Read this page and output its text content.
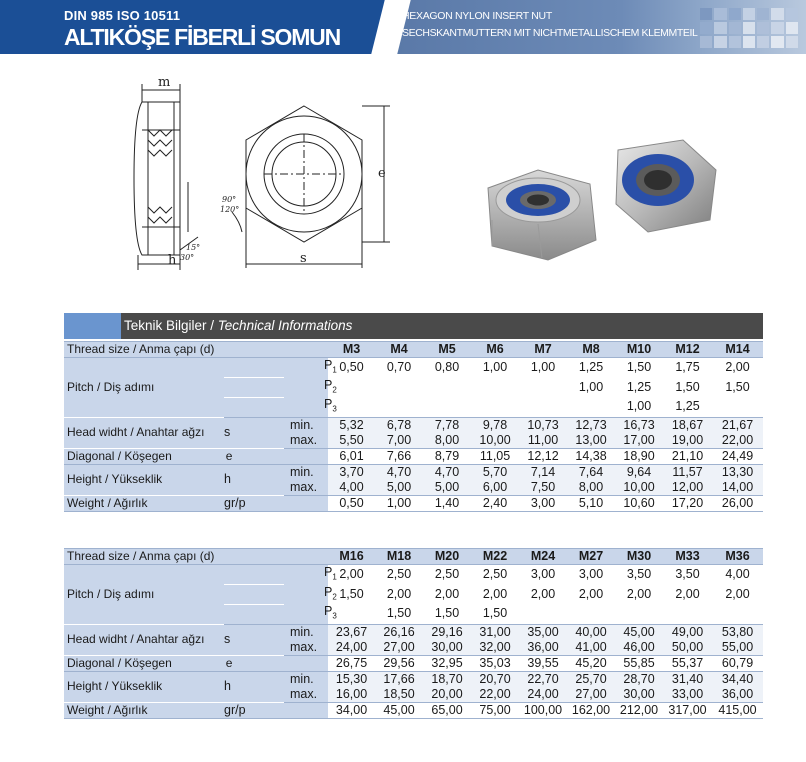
DIN 985 ISO 10511
ALTIKÖŞE FİBERLİ SOMUN
HEXAGON NYLON INSERT NUT
SECHSKANTMUTTERN MIT NICHTMETALLISCHEM KLEMMTEIL
m
h	s
e
90°
120°
15°
30°
Teknik Bilgiler / Technical Informations
Thread size / Anma çapı (d)			M3	M4	M5	M6	M7	M8	M10	M12	M14
Pitch / Diş adımı		$P_1$	0,50	0,70	0,80	1,00	1,00	1,25	1,50	1,75	2,00
		$P_2$						1,00	1,25	1,50	1,50
		$P_3$							1,00	1,25	
Head widht / Anahtar ağzı	s	min.	5,32	6,78	7,78	9,78	10,73	12,73	16,73	18,67	21,67
		max.	5,50	7,00	8,00	10,00	11,00	13,00	17,00	19,00	22,00
Diagonal / Köşegen e			6,01	7,66	8,79	11,05	12,12	14,38	18,90	21,10	24,49
Height / Yükseklik	h	min.	3,70	4,70	4,70	5,70	7,14	7,64	9,64	11,57	13,30
		max.	4,00	5,00	5,00	6,00	7,50	8,00	10,00	12,00	14,00
Weight / Ağırlık	gr/p		0,50	1,00	1,40	2,40	3,00	5,10	10,60	17,20	26,00
Thread size / Anma çapı (d)			M16	M18	M20	M22	M24	M27	M30	M33	M36
Pitch / Diş adımı		$P_1$	2,00	2,50	2,50	2,50	3,00	3,00	3,50	3,50	4,00
		$P_2$	1,50	2,00	2,00	2,00	2,00	2,00	2,00	2,00	2,00
		$P_3$		1,50	1,50	1,50					
Head widht / Anahtar ağzı	s	min.	23,67	26,16	29,16	31,00	35,00	40,00	45,00	49,00	53,80
		max.	24,00	27,00	30,00	32,00	36,00	41,00	46,00	50,00	55,00
Diagonal / Köşegen e			26,75	29,56	32,95	35,03	39,55	45,20	55,85	55,37	60,79
Height / Yükseklik	h	min.	15,30	17,66	18,70	20,70	22,70	25,70	28,70	31,40	34,40
		max.	16,00	18,50	20,00	22,00	24,00	27,00	30,00	33,00	36,00
Weight / Ağırlık	gr/p		34,00	45,00	65,00	75,00	100,00	162,00	212,00	317,00	415,00
